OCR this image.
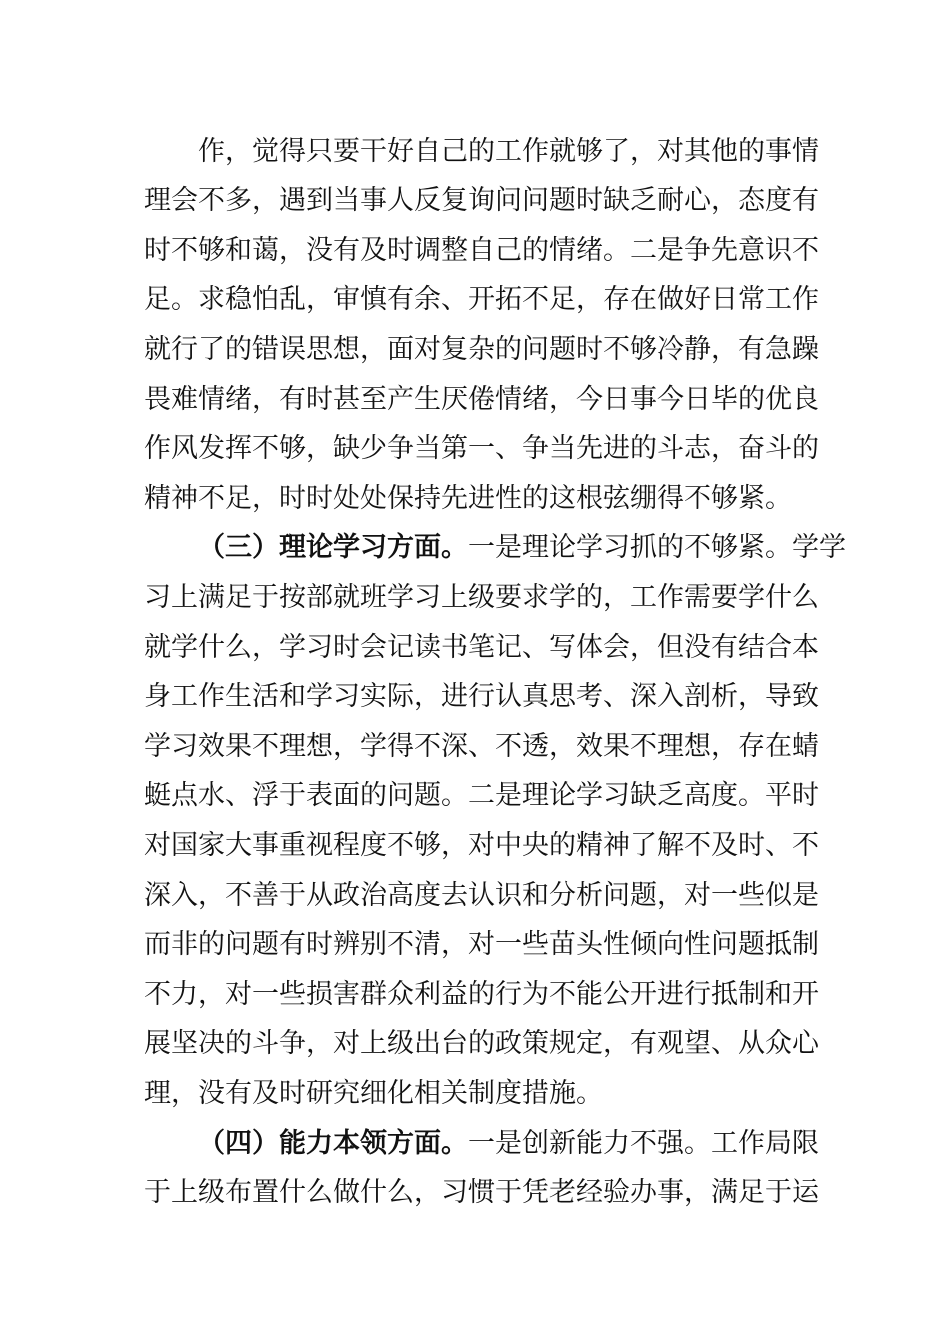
作，觉得只要干好自己的工作就够了，对其他的事情
理会不多，遇到当事人反复询问问题时缺乏耐心，态度有
时不够和蔼，没有及时调整自己的情绪。二是争先意识不
足。求稳怕乱，审慎有余、开拓不足，存在做好日常工作
就行了的错误思想，面对复杂的问题时不够冷静，有急躁
畏难情绪，有时甚至产生厌倦情绪，今日事今日毕的优良
作风发挥不够，缺少争当第一、争当先进的斗志，奋斗的
精神不足，时时处处保持先进性的这根弦绷得不够紧。
（三）理论学习方面。一是理论学习抓的不够紧。学学
习上满足于按部就班学习上级要求学的，工作需要学什么
就学什么，学习时会记读书笔记、写体会，但没有结合本
身工作生活和学习实际，进行认真思考、深入剖析，导致
学习效果不理想，学得不深、不透，效果不理想，存在蜻
蜓点水、浮于表面的问题。二是理论学习缺乏高度。平时
对国家大事重视程度不够，对中央的精神了解不及时、不
深入，不善于从政治高度去认识和分析问题，对一些似是
而非的问题有时辨别不清，对一些苗头性倾向性问题抵制
不力，对一些损害群众利益的行为不能公开进行抵制和开
展坚决的斗争，对上级出台的政策规定，有观望、从众心
理，没有及时研究细化相关制度措施。
（四）能力本领方面。一是创新能力不强。工作局限
于上级布置什么做什么，习惯于凭老经验办事，满足于运
